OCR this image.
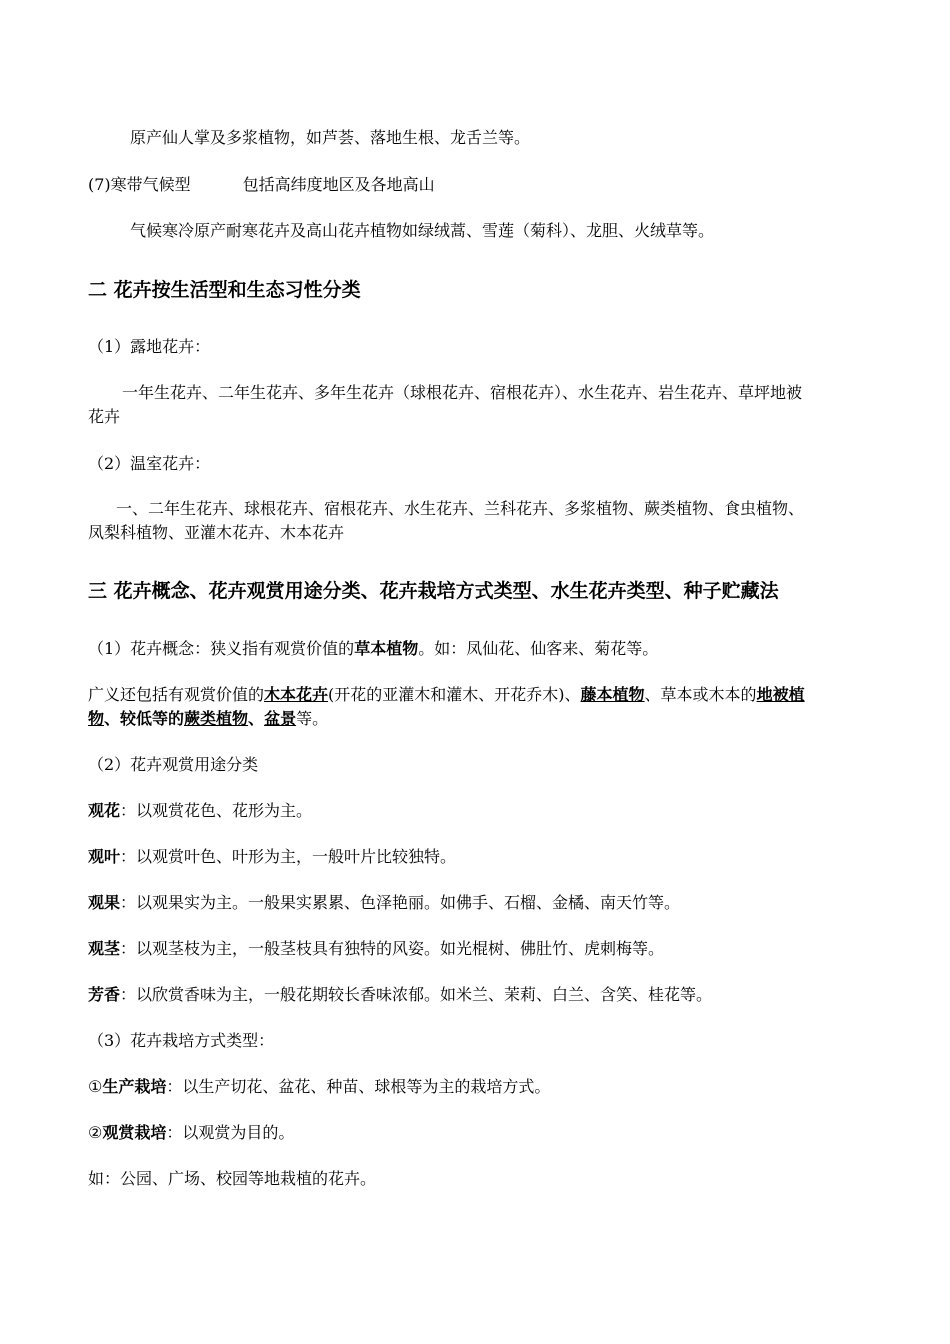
原产仙人掌及多浆植物，如芦荟、落地生根、龙舌兰等。
(7)寒带气候型	包括高纬度地区及各地高山
气候寒冷原产耐寒花卉及高山花卉植物如绿绒蒿、雪莲（菊科）、龙胆、火绒草等。
二 花卉按生活型和生态习性分类
（1）露地花卉：
一年生花卉、二年生花卉、多年生花卉（球根花卉、宿根花卉）、水生花卉、岩生花卉、草坪地被
花卉
（2）温室花卉：
一、二年生花卉、球根花卉、宿根花卉、水生花卉、兰科花卉、多浆植物、蕨类植物、食虫植物、
凤梨科植物、亚灌木花卉、木本花卉
三 花卉概念、花卉观赏用途分类、花卉栽培方式类型、水生花卉类型、种子贮藏法
（1）花卉概念：狭义指有观赏价值的草本植物。如：凤仙花、仙客来、菊花等。
广义还包括有观赏价值的木本花卉(开花的亚灌木和灌木、开花乔木)、藤本植物、草本或木本的地被植
物、较低等的蕨类植物、盆景等。
（2）花卉观赏用途分类
观花：以观赏花色、花形为主。
观叶：以观赏叶色、叶形为主，一般叶片比较独特。
观果：以观果实为主。一般果实累累、色泽艳丽。如佛手、石榴、金橘、南天竹等。
观茎：以观茎枝为主，一般茎枝具有独特的风姿。如光棍树、佛肚竹、虎刺梅等。
芳香：以欣赏香味为主，一般花期较长香味浓郁。如米兰、茉莉、白兰、含笑、桂花等。
（3）花卉栽培方式类型：
①生产栽培：以生产切花、盆花、种苗、球根等为主的栽培方式。
②观赏栽培：以观赏为目的。
如：公园、广场、校园等地栽植的花卉。
